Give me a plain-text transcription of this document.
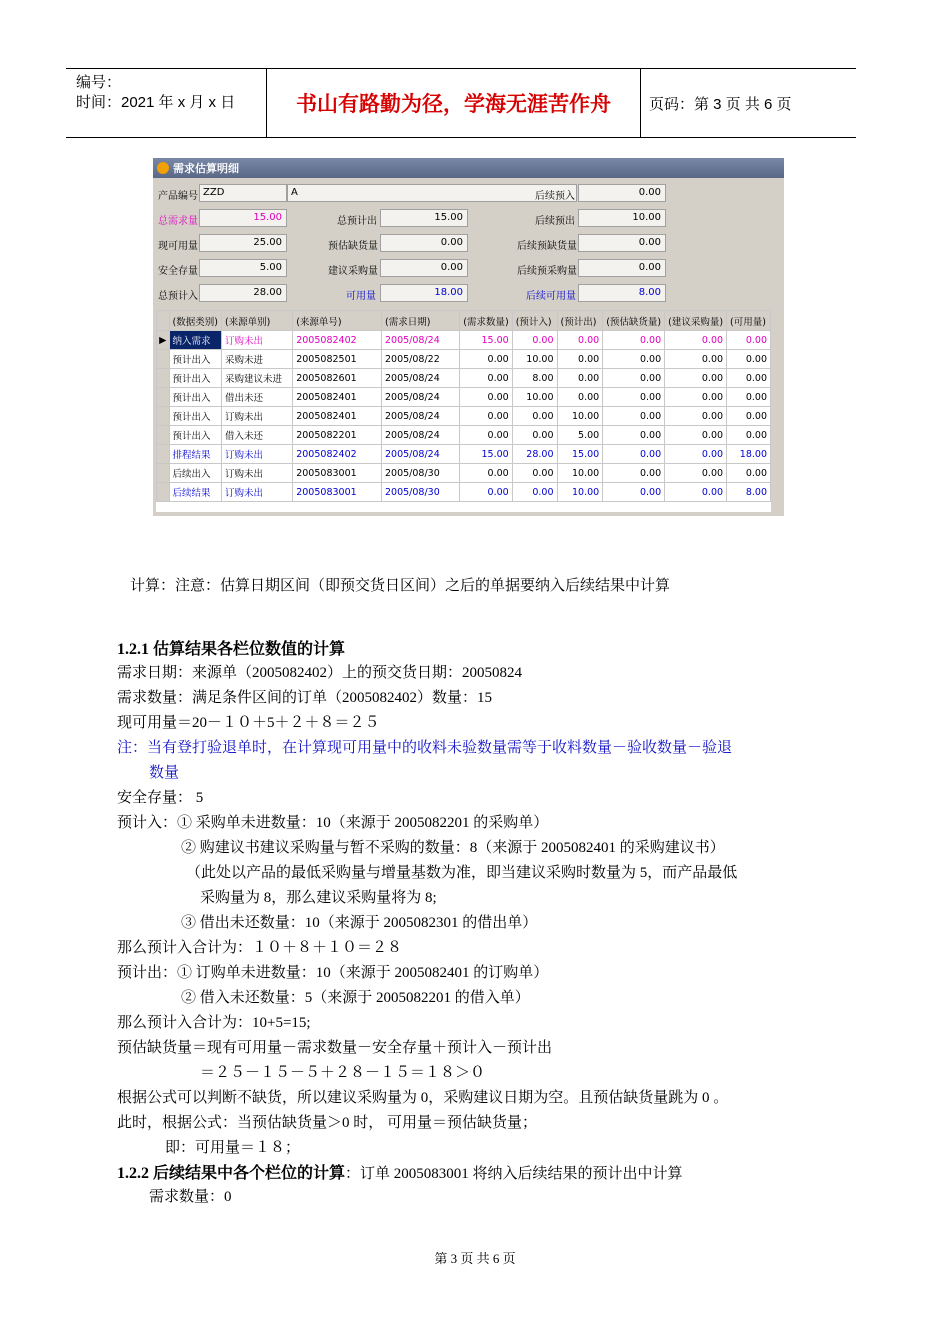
编号：
时间：2021 年 x 月 x 日	书山有路勤为径，学海无涯苦作舟	页码：第 3 页 共 6 页
需求估算明细
产品编号 ZZD	A	后续预入	0.00
总需求量	15.00	总预计出	15.00	后续预出	10.00
现可用量	25.00	预估缺货量	0.00	后续预缺货量	0.00
安全存量	5.00	建议采购量	0.00	后续预采购量	0.00
总预计入	28.00	可用量	18.00	后续可用量	8.00
	(数据类别)	(来源单别)	(来源单号)	(需求日期)	(需求数量)	(预计入)	(预计出)	(预估缺货量)	(建议采购量)	(可用量)
▶	纳入需求	订购未出	2005082402	2005/08/24	15.00	0.00	0.00	0.00	0.00	0.00
	预计出入	采购未进	2005082501	2005/08/22	0.00	10.00	0.00	0.00	0.00	0.00
	预计出入	采购建议未进	2005082601	2005/08/24	0.00	8.00	0.00	0.00	0.00	0.00
	预计出入	借出未还	2005082401	2005/08/24	0.00	10.00	0.00	0.00	0.00	0.00
	预计出入	订购未出	2005082401	2005/08/24	0.00	0.00	10.00	0.00	0.00	0.00
	预计出入	借入未还	2005082201	2005/08/24	0.00	0.00	5.00	0.00	0.00	0.00
	排程结果	订购未出	2005082402	2005/08/24	15.00	28.00	15.00	0.00	0.00	18.00
	后续出入	订购未出	2005083001	2005/08/30	0.00	0.00	10.00	0.00	0.00	0.00
	后续结果	订购未出	2005083001	2005/08/30	0.00	0.00	10.00	0.00	0.00	8.00
计算：注意：估算日期区间（即预交货日区间）之后的单据要纳入后续结果中计算
1.2.1 估算结果各栏位数值的计算
需求日期：来源单（2005082402）上的预交货日期：20050824
需求数量：满足条件区间的订单（2005082402）数量：15
现可用量＝20－１０＋5＋２＋８＝２５
注：当有登打验退单时，在计算现可用量中的收料未验数量需等于收料数量－验收数量－验退
数量
安全存量： 5
预计入：① 采购单未进数量：10（来源于 2005082201 的采购单）
② 购建议书建议采购量与暂不采购的数量：8（来源于 2005082401 的采购建议书）
（此处以产品的最低采购量与增量基数为准，即当建议采购时数量为 5，而产品最低
采购量为 8，那么建议采购量将为 8;
③ 借出未还数量：10（来源于 2005082301 的借出单）
那么预计入合计为：１０＋８＋１０＝２８
预计出：① 订购单未进数量：10（来源于 2005082401 的订购单）
② 借入未还数量：5（来源于 2005082201 的借入单）
那么预计入合计为：10+5=15;
预估缺货量＝现有可用量－需求数量－安全存量＋预计入－预计出
＝２５－１５－５＋２８－１５＝１８＞０
根据公式可以判断不缺货，所以建议采购量为 0，采购建议日期为空。且预估缺货量跳为 0 。
此时，根据公式：当预估缺货量＞0 时， 可用量＝预估缺货量；
即：可用量＝１８；
1.2.2 后续结果中各个栏位的计算：订单 2005083001 将纳入后续结果的预计出中计算
需求数量：0
第 3 页 共 6 页
